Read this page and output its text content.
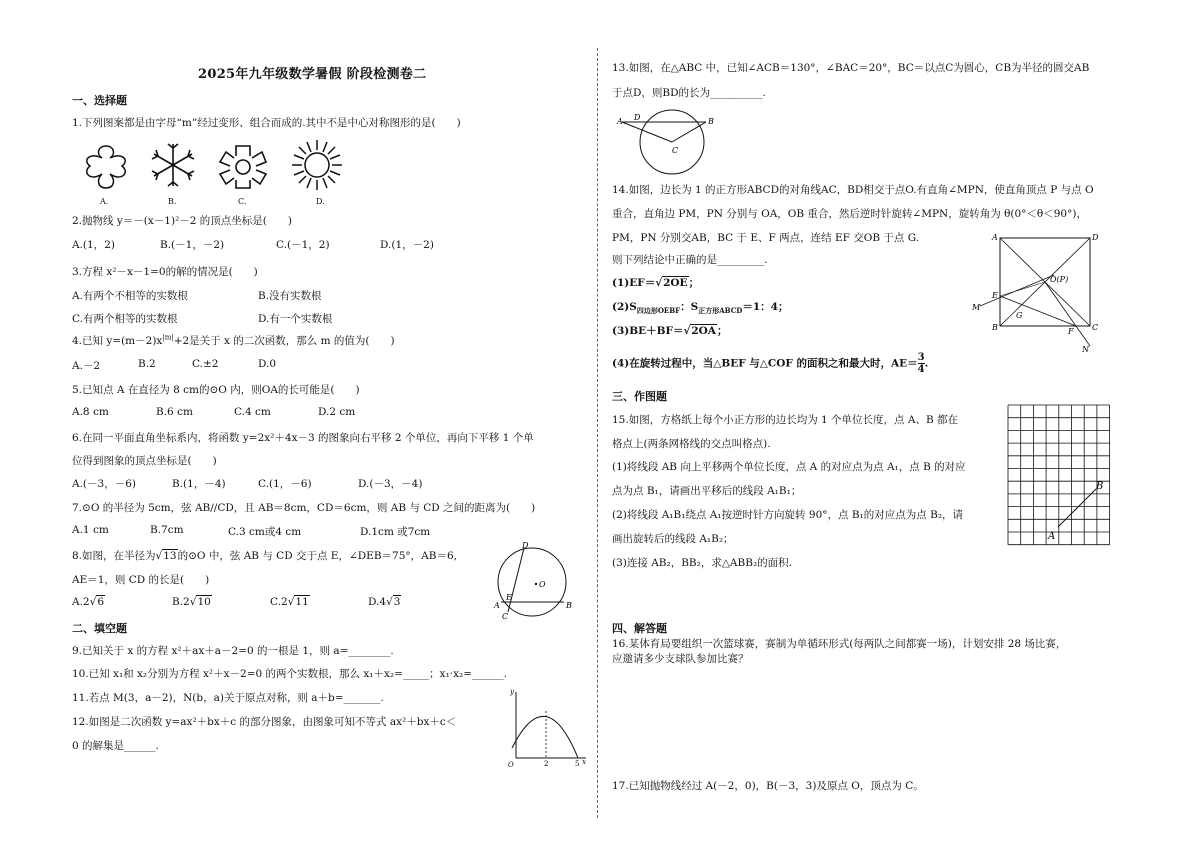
2025年九年级数学暑假 阶段检测卷二
一、选择题
1.下列图案都是由字母“m”经过变形、组合而成的.其中不是中心对称图形的是(　　)
A.	B.	C.	D.
2.抛物线 y＝－(x－1)²－2 的顶点坐标是(　　)
A.(1，2)	B.(－1，－2)	C.(－1，2)	D.(1，－2)
3.方程 x²－x－1=0的解的情况是(　　)
A.有两个不相等的实数根	B.没有实数根
C.有两个相等的实数根	D.有一个实数根
4.已知 $y=(m-2)x^{|m|}+2$是关于 x 的二次函数，那么 m 的值为(　　)
A.－2	B.2	C.±2	D.0
5.已知点 A 在直径为 8 cm的⊙O 内，则OA的长可能是(　　)
A.8 cm	B.6 cm	C.4 cm	D.2 cm
6.在同一平面直角坐标系内，将函数 y=2x²＋4x－3 的图象向右平移 2 个单位，再向下平移 1 个单
位得到图象的顶点坐标是(　　)
A.(－3，－6)	B.(1，－4)	C.(1，－6)	D.(－3，－4)
7.⊙O 的半径为 5cm，弦 AB//CD，且 AB＝8cm，CD＝6cm，则 AB 与 CD 之间的距离为(　　)
A.1 cm	B.7cm	C.3 cm或4 cm	D.1cm 或7cm
8.如图，在半径为√13的⊙O 中，弦 AB 与 CD 交于点 E，∠DEB＝75°，AB＝6,
AE＝1，则 CD 的长是(　　)
A.2√6	B.2√10	C.2√11	D.4√3
D
O
E
A	B
C
二、填空题
9.已知关于 x 的方程 x²＋ax＋a－2=0 的一根是 1，则 a=________.
10.已知 x₁和 x₂分别为方程 x²＋x－2=0 的两个实数根，那么 x₁＋x₂=_____；x₁·x₂=______.
11.若点 M(3，a－2)，N(b，a)关于原点对称，则 a＋b=_______.
12.如图是二次函数 y=ax²＋bx＋c 的部分图象，由图象可知不等式 ax²＋bx＋c＜
0 的解集是______.
O	2	5 x
y
13.如图，在△ABC 中，已知∠ACB＝130°，∠BAC＝20°，BC＝以点C为圆心，CB为半径的圆交AB
于点D，则BD的长为__________.
A D	B
C
14.如图，边长为 1 的正方形ABCD的对角线AC，BD相交于点O.有直角∠MPN，使直角顶点 P 与点 O
重合，直角边 PM，PN 分别与 OA，OB 重合，然后逆时针旋转∠MPN，旋转角为 θ(0°＜θ＜90°)，
PM，PN 分别交AB，BC 于 E、F 两点，连结 EF 交OB 于点 G.
则下列结论中正确的是_________.
(1)EF＝√2OE；
$(2)S_{四边形OEBF}$：$S_{正方形ABCD}=1$：4；
(3)BE＋BF＝√2OA；
(4)在旋转过程中，当△BEF 与△COF 的面积之和最大时，$AE= \frac{3}{4}$ .
A	D
M
E
O(P)
G
B	F C
N
三、作图题
15.如图，方格纸上每个小正方形的边长均为 1 个单位长度，点 A、B 都在
格点上(两条网格线的交点叫格点).
(1)将线段 AB 向上平移两个单位长度，点 A 的对应点为点 A₁，点 B 的对应
点为点 B₁，请画出平移后的线段 A₁B₁；
(2)将线段 A₁B₁绕点 A₁按逆时针方向旋转 90°，点 B₁的对应点为点 B₂，请
画出旋转后的线段 A₁B₂；
(3)连接 AB₂，BB₂，求△ABB₂的面积.
A
B
四、解答题
16.某体育局要组织一次篮球赛，赛制为单循环形式(每两队之间都赛一场)，计划安排 28 场比赛，
应邀请多少支球队参加比赛？
17.已知抛物线经过 A(－2，0)，B(－3，3)及原点 O，顶点为 C。
